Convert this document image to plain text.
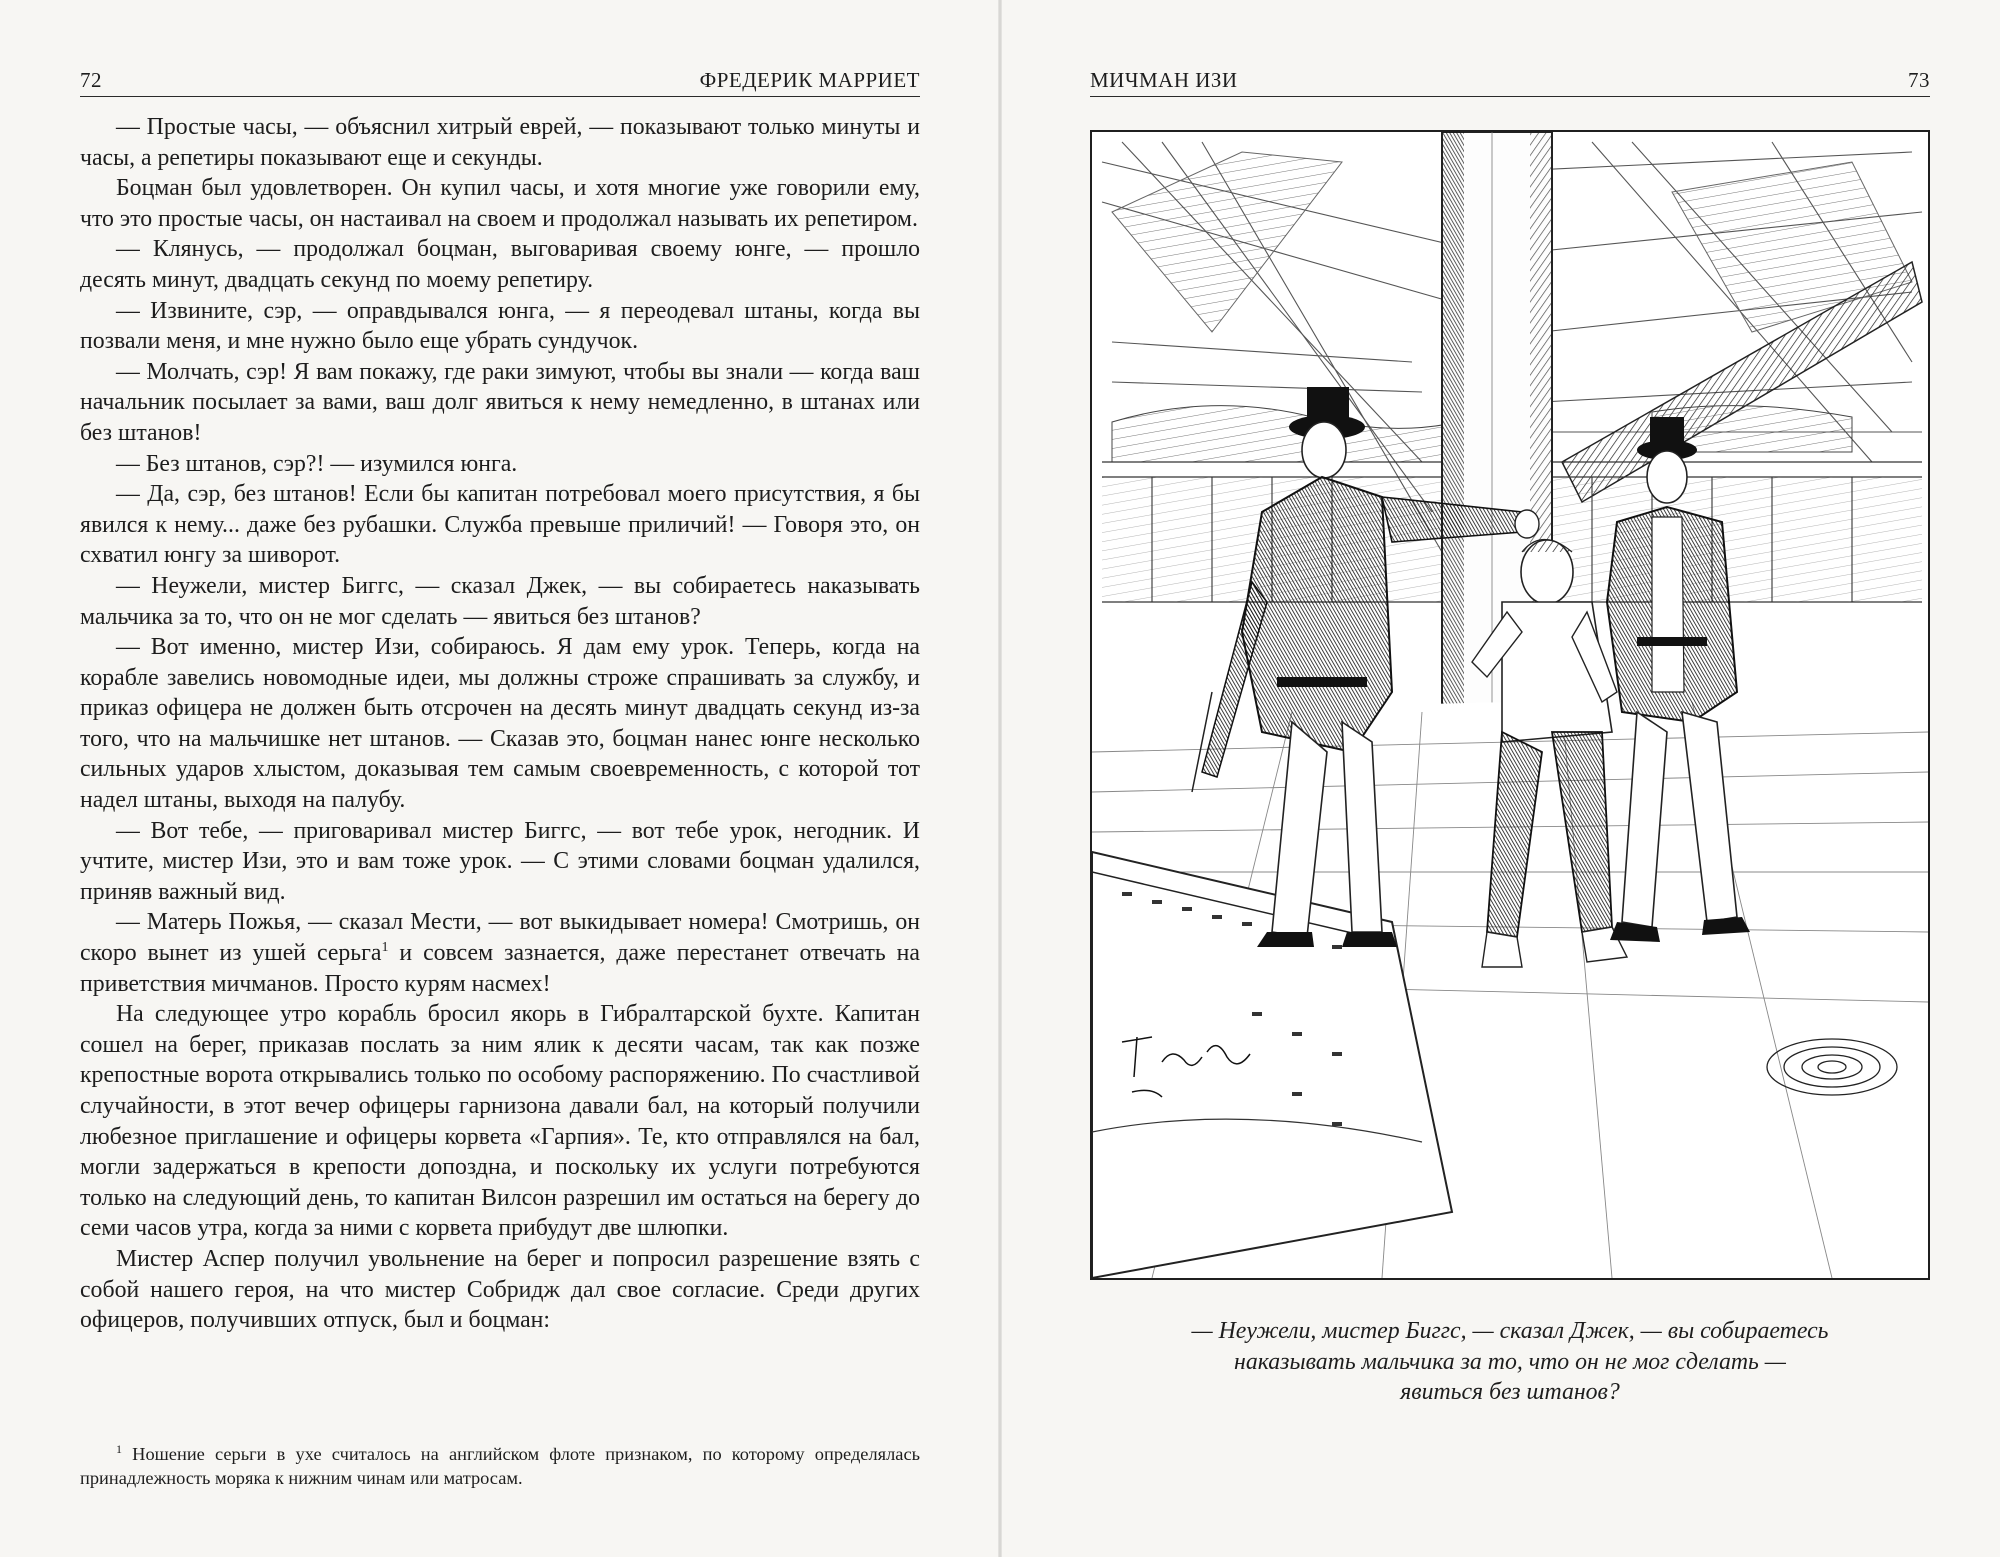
72	ФРЕДЕРИК МАРРИЕТ

— Простые часы, — объяснил хитрый еврей, — показывают только минуты и часы, а репетиры показывают еще и секунды.

Боцман был удовлетворен. Он купил часы, и хотя многие уже говорили ему, что это простые часы, он настаивал на своем и продолжал называть их репетиром.

— Клянусь, — продолжал боцман, выговаривая своему юнге, — прошло десять минут, двадцать секунд по моему репетиру.

— Извините, сэр, — оправдывался юнга, — я переодевал штаны, когда вы позвали меня, и мне нужно было еще убрать сундучок.

— Молчать, сэр! Я вам покажу, где раки зимуют, чтобы вы знали — когда ваш начальник посылает за вами, ваш долг явиться к нему немедленно, в штанах или без штанов!

— Без штанов, сэр?! — изумился юнга.

— Да, сэр, без штанов! Если бы капитан потребовал моего присутствия, я бы явился к нему... даже без рубашки. Служба превыше приличий! — Говоря это, он схватил юнгу за шиворот.

— Неужели, мистер Биггс, — сказал Джек, — вы собираетесь наказывать мальчика за то, что он не мог сделать — явиться без штанов?

— Вот именно, мистер Изи, собираюсь. Я дам ему урок. Теперь, когда на корабле завелись новомодные идеи, мы должны строже спрашивать за службу, и приказ офицера не должен быть отсрочен на десять минут двадцать секунд из-за того, что на мальчишке нет штанов. — Сказав это, боцман нанес юнге несколько сильных ударов хлыстом, доказывая тем самым своевременность, с которой тот надел штаны, выходя на палубу.

— Вот тебе, — приговаривал мистер Биггс, — вот тебе урок, негодник. И учтите, мистер Изи, это и вам тоже урок. — С этими словами боцман удалился, приняв важный вид.

— Матерь Пожья, — сказал Мести, — вот выкидывает номера! Смотришь, он скоро вынет из ушей серьга$^1$ и совсем зазнается, даже перестанет отвечать на приветствия мичманов. Просто курям насмех!

На следующее утро корабль бросил якорь в Гибралтарской бухте. Капитан сошел на берег, приказав послать за ним ялик к десяти часам, так как позже крепостные ворота открывались только по особому распоряжению. По счастливой случайности, в этот вечер офицеры гарнизона давали бал, на который получили любезное приглашение и офицеры корвета «Гарпия». Те, кто отправлялся на бал, могли задержаться в крепости допоздна, и поскольку их услуги потребуются только на следующий день, то капитан Вилсон разрешил им остаться на берегу до семи часов утра, когда за ними с корвета прибудут две шлюпки.

Мистер Аспер получил увольнение на берег и попросил разрешение взять с собой нашего героя, на что мистер Собридж дал свое согласие. Среди других офицеров, получивших отпуск, был и боцман:

$^1$ Ношение серьги в ухе считалось на английском флоте признаком, по которому определялась принадлежность моряка к нижним чинам или матросам.

МИЧМАН ИЗИ	73
— Неужели, мистер Биггс, — сказал Джек, — вы собираетесь
наказывать мальчика за то, что он не мог сделать —
явиться без штанов?
